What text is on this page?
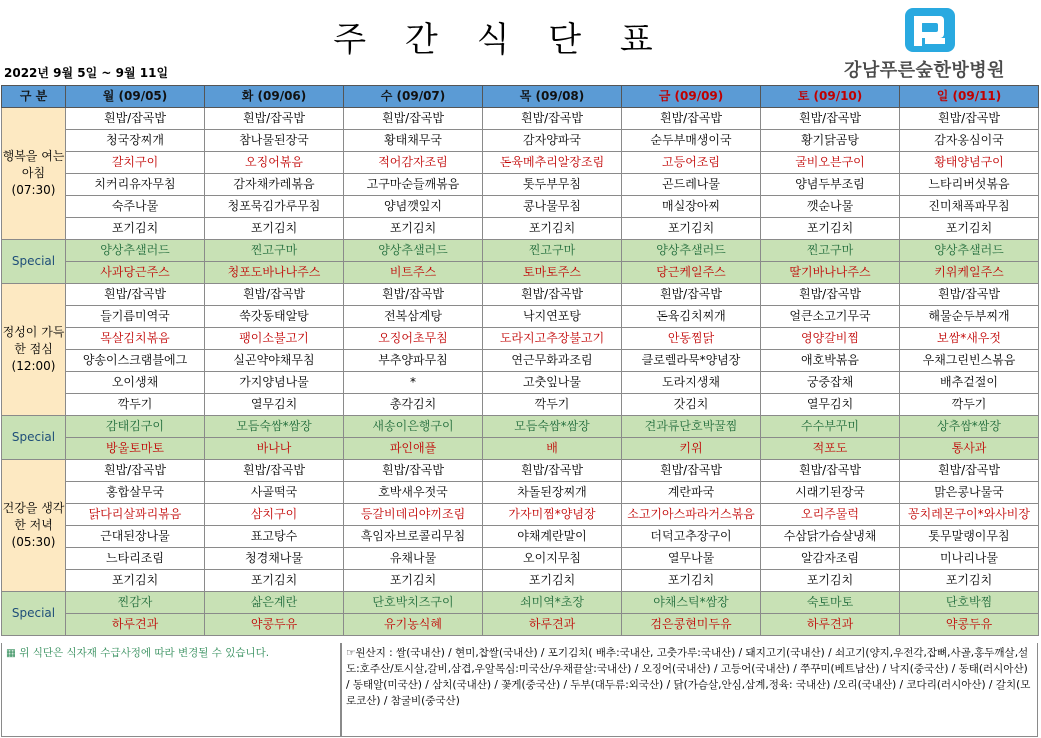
주 간 식 단 표
2022년 9월 5일 ~ 9월 11일	강남푸른숲한방병원
구 분	월 (09/05)	화 (09/06)	수 (09/07)	목 (09/08)	금 (09/09)	토 (09/10)	일 (09/11)
행복을 여는 아침 (07:30)	흰밥/잡곡밥	흰밥/잡곡밥	흰밥/잡곡밥	흰밥/잡곡밥	흰밥/잡곡밥	흰밥/잡곡밥	흰밥/잡곡밥
	청국장찌개	참나물된장국	황태채무국	감자양파국	순두부매생이국	황기닭곰탕	감자옹심이국
	갈치구이	오징어볶음	적어감자조림	돈육메추리알장조림	고등어조림	굴비오븐구이	황태양념구이
	치커리유자무침	감자채카레볶음	고구마순들깨볶음	톳두부무침	곤드레나물	양념두부조림	느타리버섯볶음
	숙주나물	청포묵김가루무침	양념깻잎지	콩나물무침	매실장아찌	깻순나물	진미채폭파무침
	포기김치	포기김치	포기김치	포기김치	포기김치	포기김치	포기김치
Special	양상추샐러드	찐고구마	양상추샐러드	찐고구마	양상추샐러드	찐고구마	양상추샐러드
	사과당근주스	청포도바나나주스	비트주스	토마토주스	당근케일주스	딸기바나나주스	키위케일주스
정성이 가득한 점심 (12:00)	흰밥/잡곡밥	흰밥/잡곡밥	흰밥/잡곡밥	흰밥/잡곡밥	흰밥/잡곡밥	흰밥/잡곡밥	흰밥/잡곡밥
	들기름미역국	쑥갓동태알탕	전복삼계탕	낙지연포탕	돈육김치찌개	얼큰소고기무국	해물순두부찌개
	목살김치볶음	팽이소불고기	오징어초무침	도라지고추장불고기	안동찜닭	영양갈비찜	보쌈*새우젓
	양송이스크램블에그	실곤약야채무침	부추양파무침	연근무화과조림	클로렐라묵*양념장	애호박볶음	우채그린빈스볶음
	오이생채	가지양념나물	*	고춧잎나물	도라지생채	궁중잡채	배추겉절이
	깍두기	열무김치	총각김치	깍두기	갓김치	열무김치	깍두기
Special	감태김구이	모듬숙쌈*쌈장	새송이은행구이	모듬숙쌈*쌈장	견과류단호박꿀찜	수수부꾸미	상추쌈*쌈장
	방울토마토	바나나	파인애플	배	키위	적포도	통사과
건강을 생각한 저녁 (05:30)	흰밥/잡곡밥	흰밥/잡곡밥	흰밥/잡곡밥	흰밥/잡곡밥	흰밥/잡곡밥	흰밥/잡곡밥	흰밥/잡곡밥
	홍합살무국	사골떡국	호박새우젓국	차돌된장찌개	계란파국	시래기된장국	맑은콩나물국
	닭다리살꽈리볶음	삼치구이	등갈비데리야끼조림	가자미찜*양념장	소고기아스파라거스볶음	오리주물럭	꽁치레몬구이*와사비장
	근대된장나물	표고탕수	흑임자브로콜리무침	야채계란말이	더덕고추장구이	수삼닭가슴살냉채	톳무말랭이무침
	느타리조림	청경채나물	유채나물	오이지무침	열무나물	알감자조림	미나리나물
	포기김치	포기김치	포기김치	포기김치	포기김치	포기김치	포기김치
Special	찐감자	삶은계란	단호박치즈구이	쇠미역*초장	야채스틱*쌈장	숙토마토	단호박찜
	하루견과	약콩두유	유기농식혜	하루견과	검은콩현미두유	하루견과	약콩두유
▦ 위 식단은 식자재 수급사정에 따라 변경될 수 있습니다.	☞원산지 : 쌀(국내산) / 현미,찹쌀(국내산) / 포기김치( 배추:국내산, 고춧가루:국내산) / 돼지고기(국내산) / 쇠고기(양지,우전각,잡뼈,사골,홍두깨살,설도:호주산/토시살,갈비,삼겹,우알목심:미국산/우채끝살:국내산) / 오징어(국내산) / 고등어(국내산) / 쭈꾸미(베트남산) / 낙지(중국산) / 동태(러시아산) / 동태알(미국산) / 삼치(국내산) / 꽃게(중국산) / 두부(대두류:외국산) / 닭(가슴살,안심,삼계,정육: 국내산) /오리(국내산) / 코다리(러시아산) / 갈치(모로코산) / 참굴비(중국산)
